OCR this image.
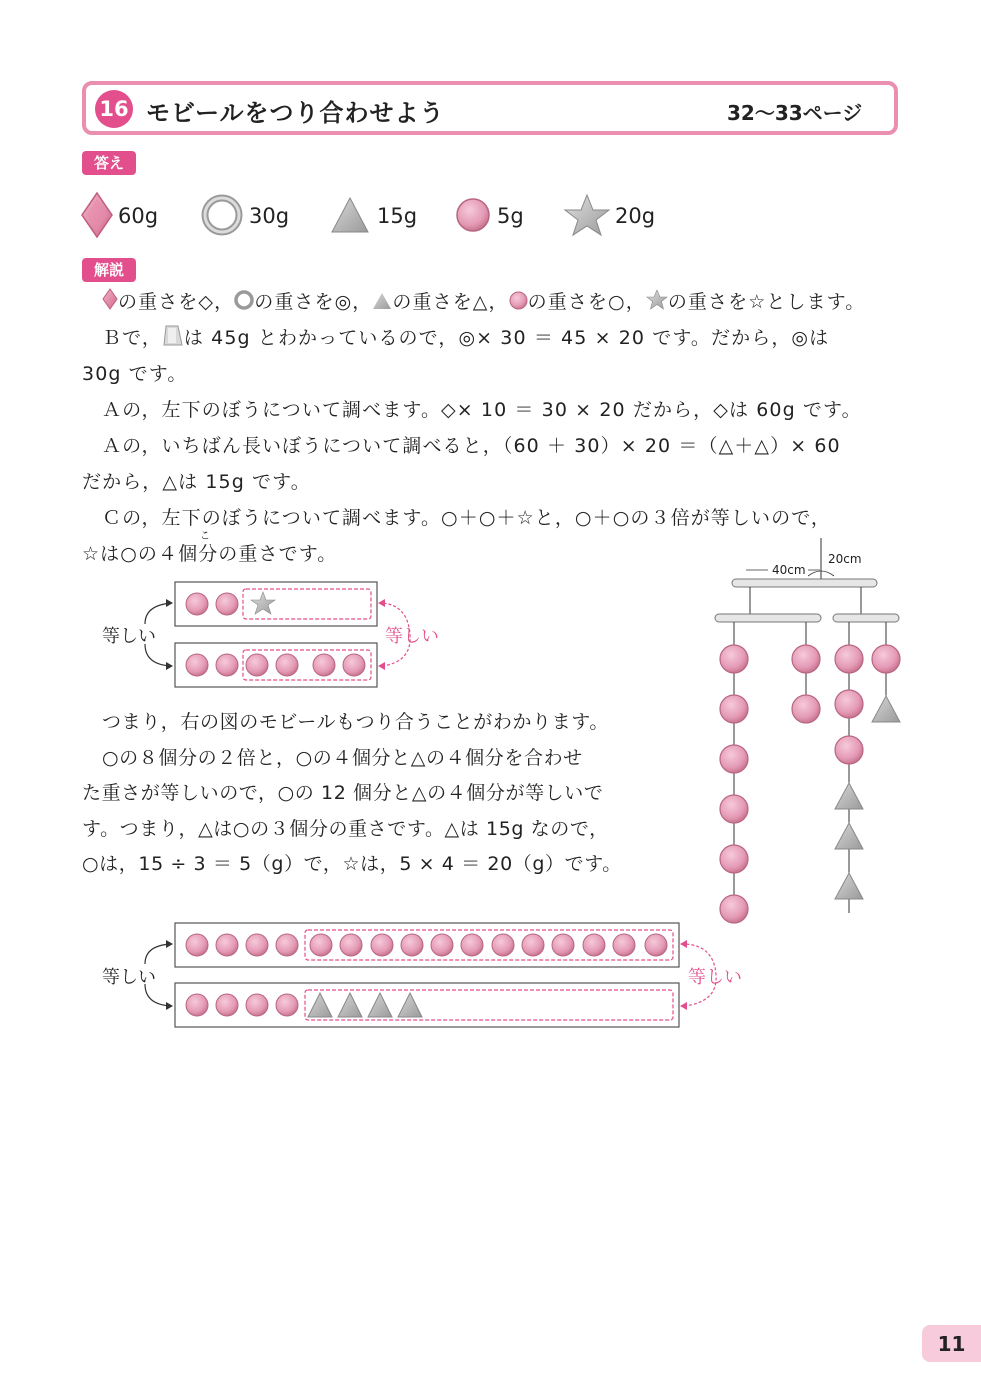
16 モビールをつり合わせよう	32～33ページ
答え
60g	30g	15g	5g	20g
解説

の重さを◇， の重さを◎， の重さを△， の重さを○， の重さを☆とします。

Ｂで， は 45g とわかっているので，◎× 30 ＝ 45 × 20 です。だから，◎は

30g です。

Ａの，左下のぼうについて調べます。◇× 10 ＝ 30 × 20 だから，◇は 60g です。

Ａの，いちばん長いぼうについて調べると，（60 ＋ 30）× 20 ＝（△＋△）× 60

だから，△は 15g です。

Ｃの，左下のぼうについて調べます。○＋○＋☆と，○＋○の３倍が等しいので，

☆は○の４個分の重さです。

こ
等しい	等しい

つまり，右の図のモビールもつり合うことがわかります。

○の８個分の２倍と，○の４個分と△の４個分を合わせ

た重さが等しいので，○の 12 個分と△の４個分が等しいで

す。つまり，△は○の３個分の重さです。△は 15g なので，

○は，15 ÷ 3 ＝ 5（g）で，☆は，5 × 4 ＝ 20（g）です。

40cm
20cm
等しい	等しい
11
